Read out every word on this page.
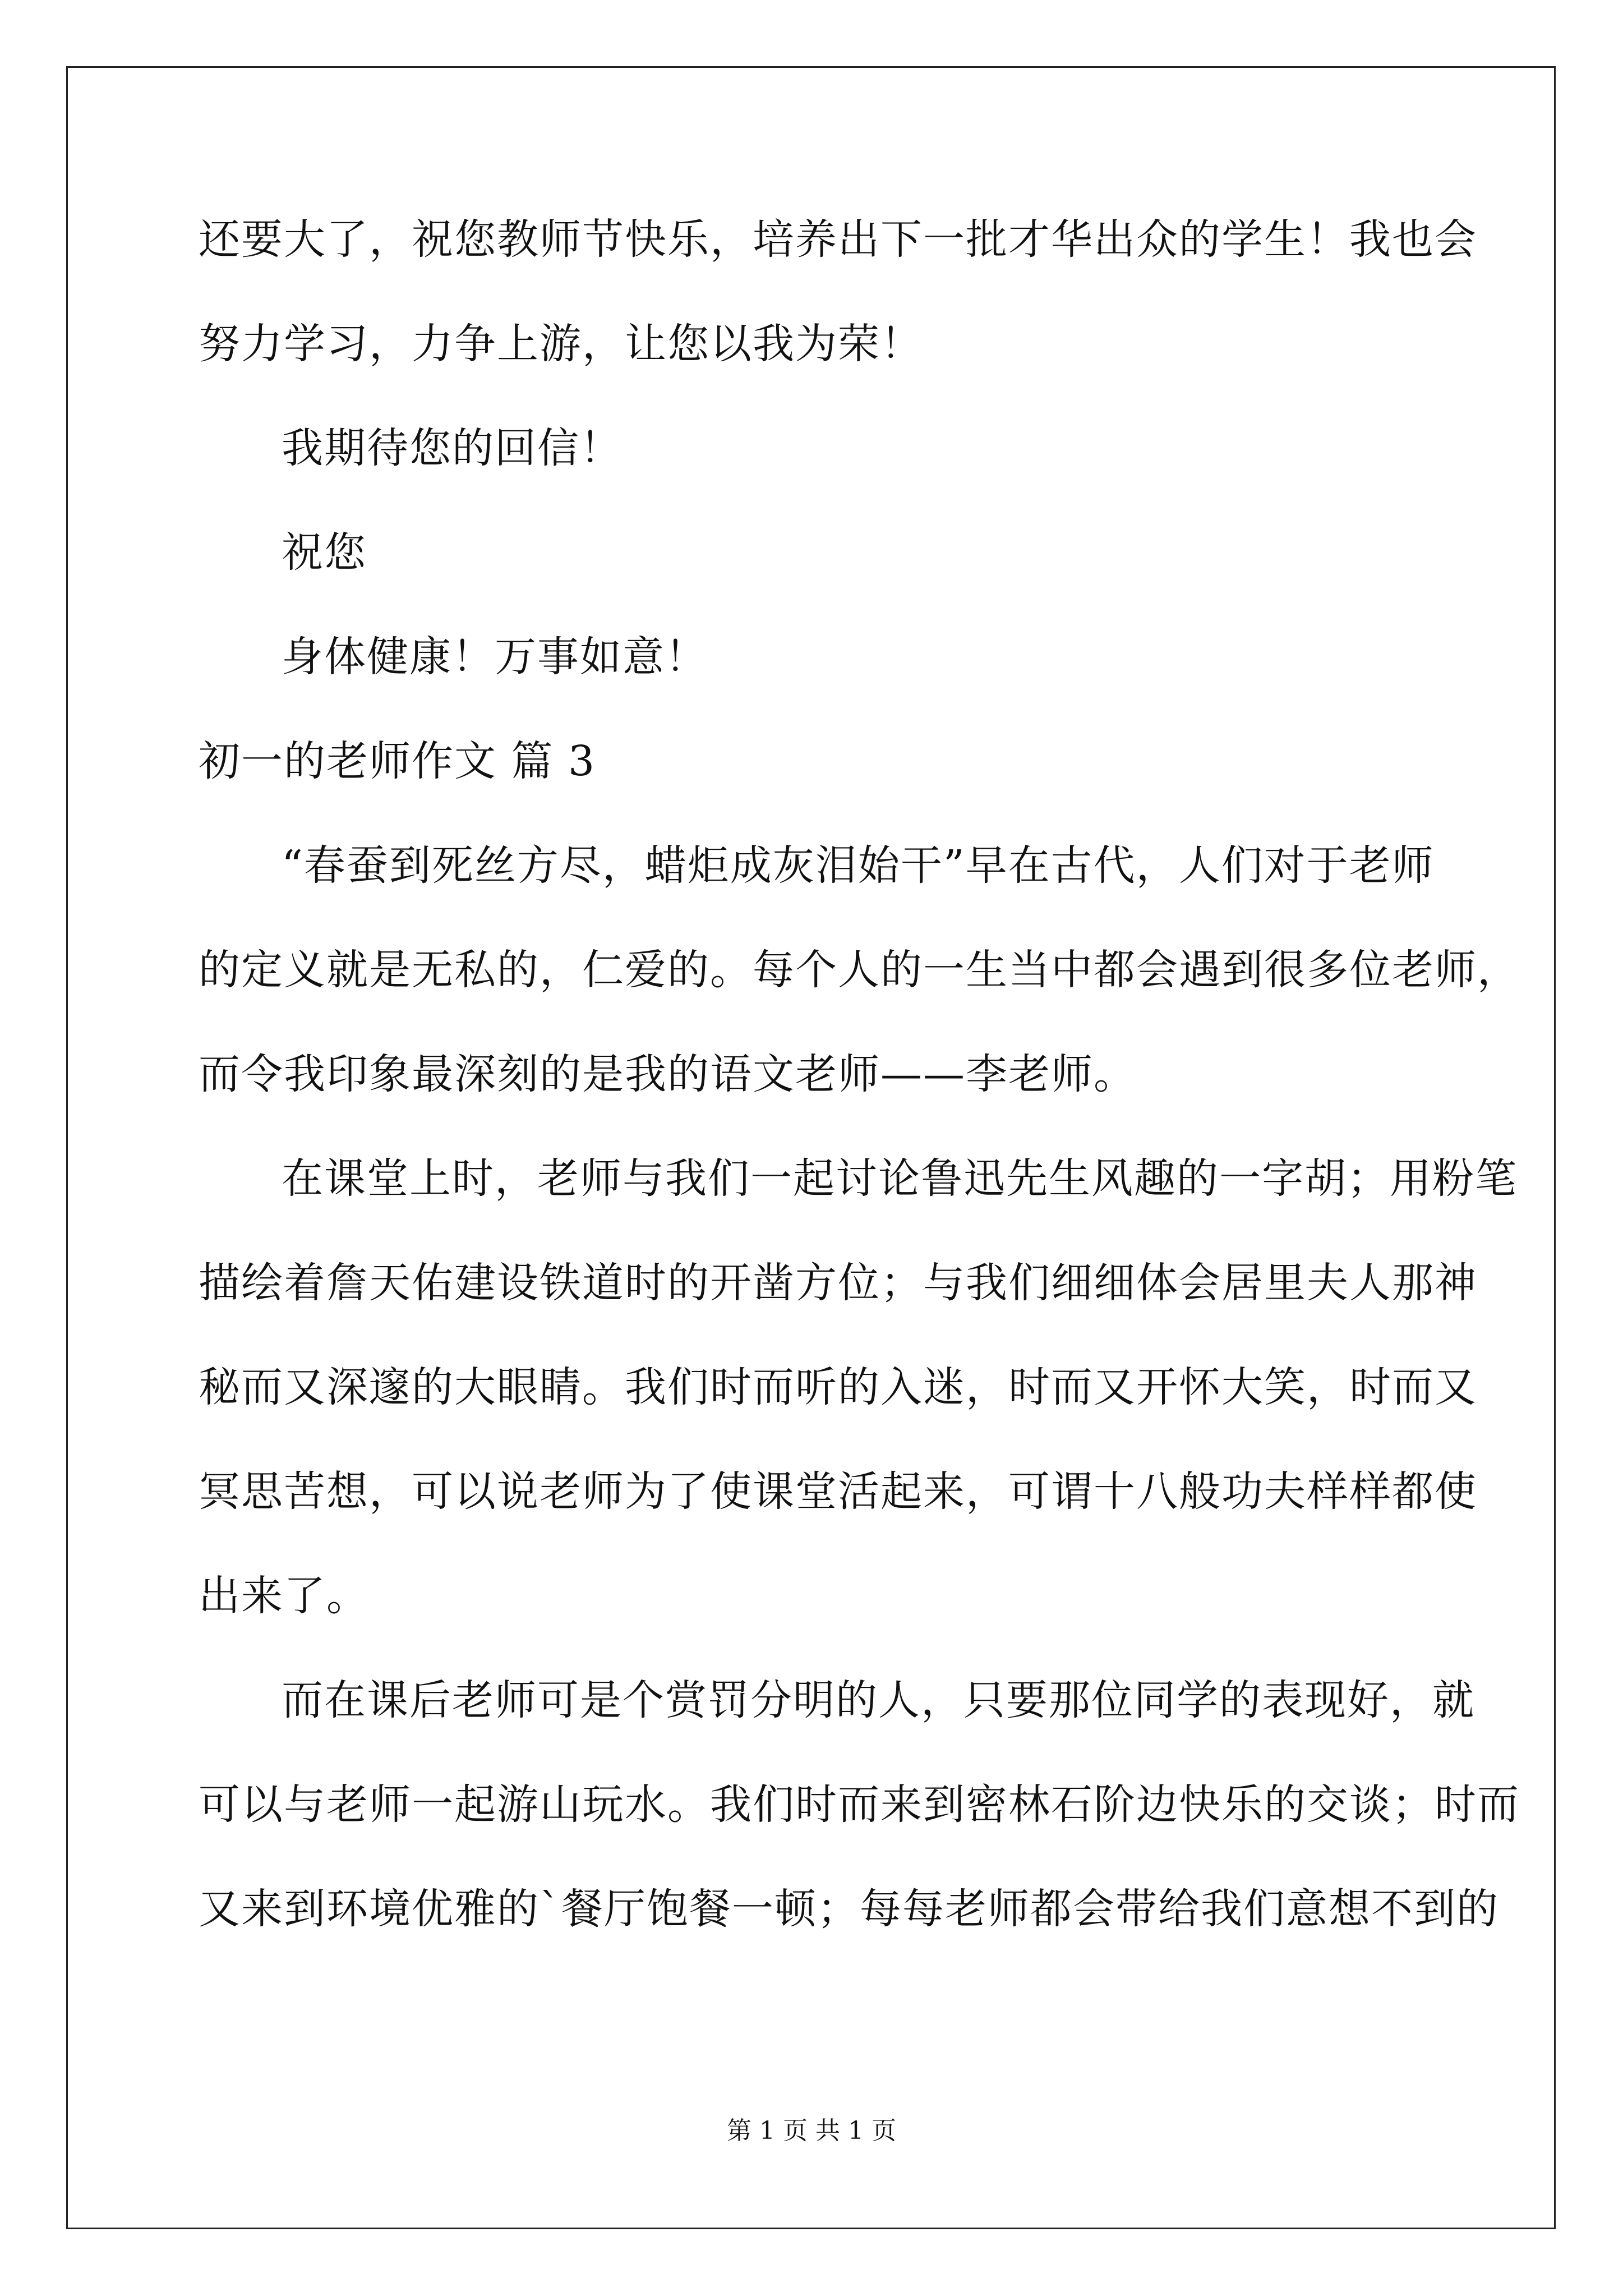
还要大了，祝您教师节快乐，培养出下一批才华出众的学生！我也会

努力学习，力争上游，让您以我为荣！

我期待您的回信！

祝您

身体健康！万事如意！

初一的老师作文 篇 3

“春蚕到死丝方尽，蜡炬成灰泪始干”早在古代，人们对于老师

的定义就是无私的，仁爱的。每个人的一生当中都会遇到很多位老师，

而令我印象最深刻的是我的语文老师——李老师。

在课堂上时，老师与我们一起讨论鲁迅先生风趣的一字胡；用粉笔

描绘着詹天佑建设铁道时的开凿方位；与我们细细体会居里夫人那神

秘而又深邃的大眼睛。我们时而听的入迷，时而又开怀大笑，时而又

冥思苦想，可以说老师为了使课堂活起来，可谓十八般功夫样样都使

出来了。

而在课后老师可是个赏罚分明的人，只要那位同学的表现好，就

可以与老师一起游山玩水。我们时而来到密林石阶边快乐的交谈；时而

又来到环境优雅的`餐厅饱餐一顿；每每老师都会带给我们意想不到的

第 1 页 共 1 页
